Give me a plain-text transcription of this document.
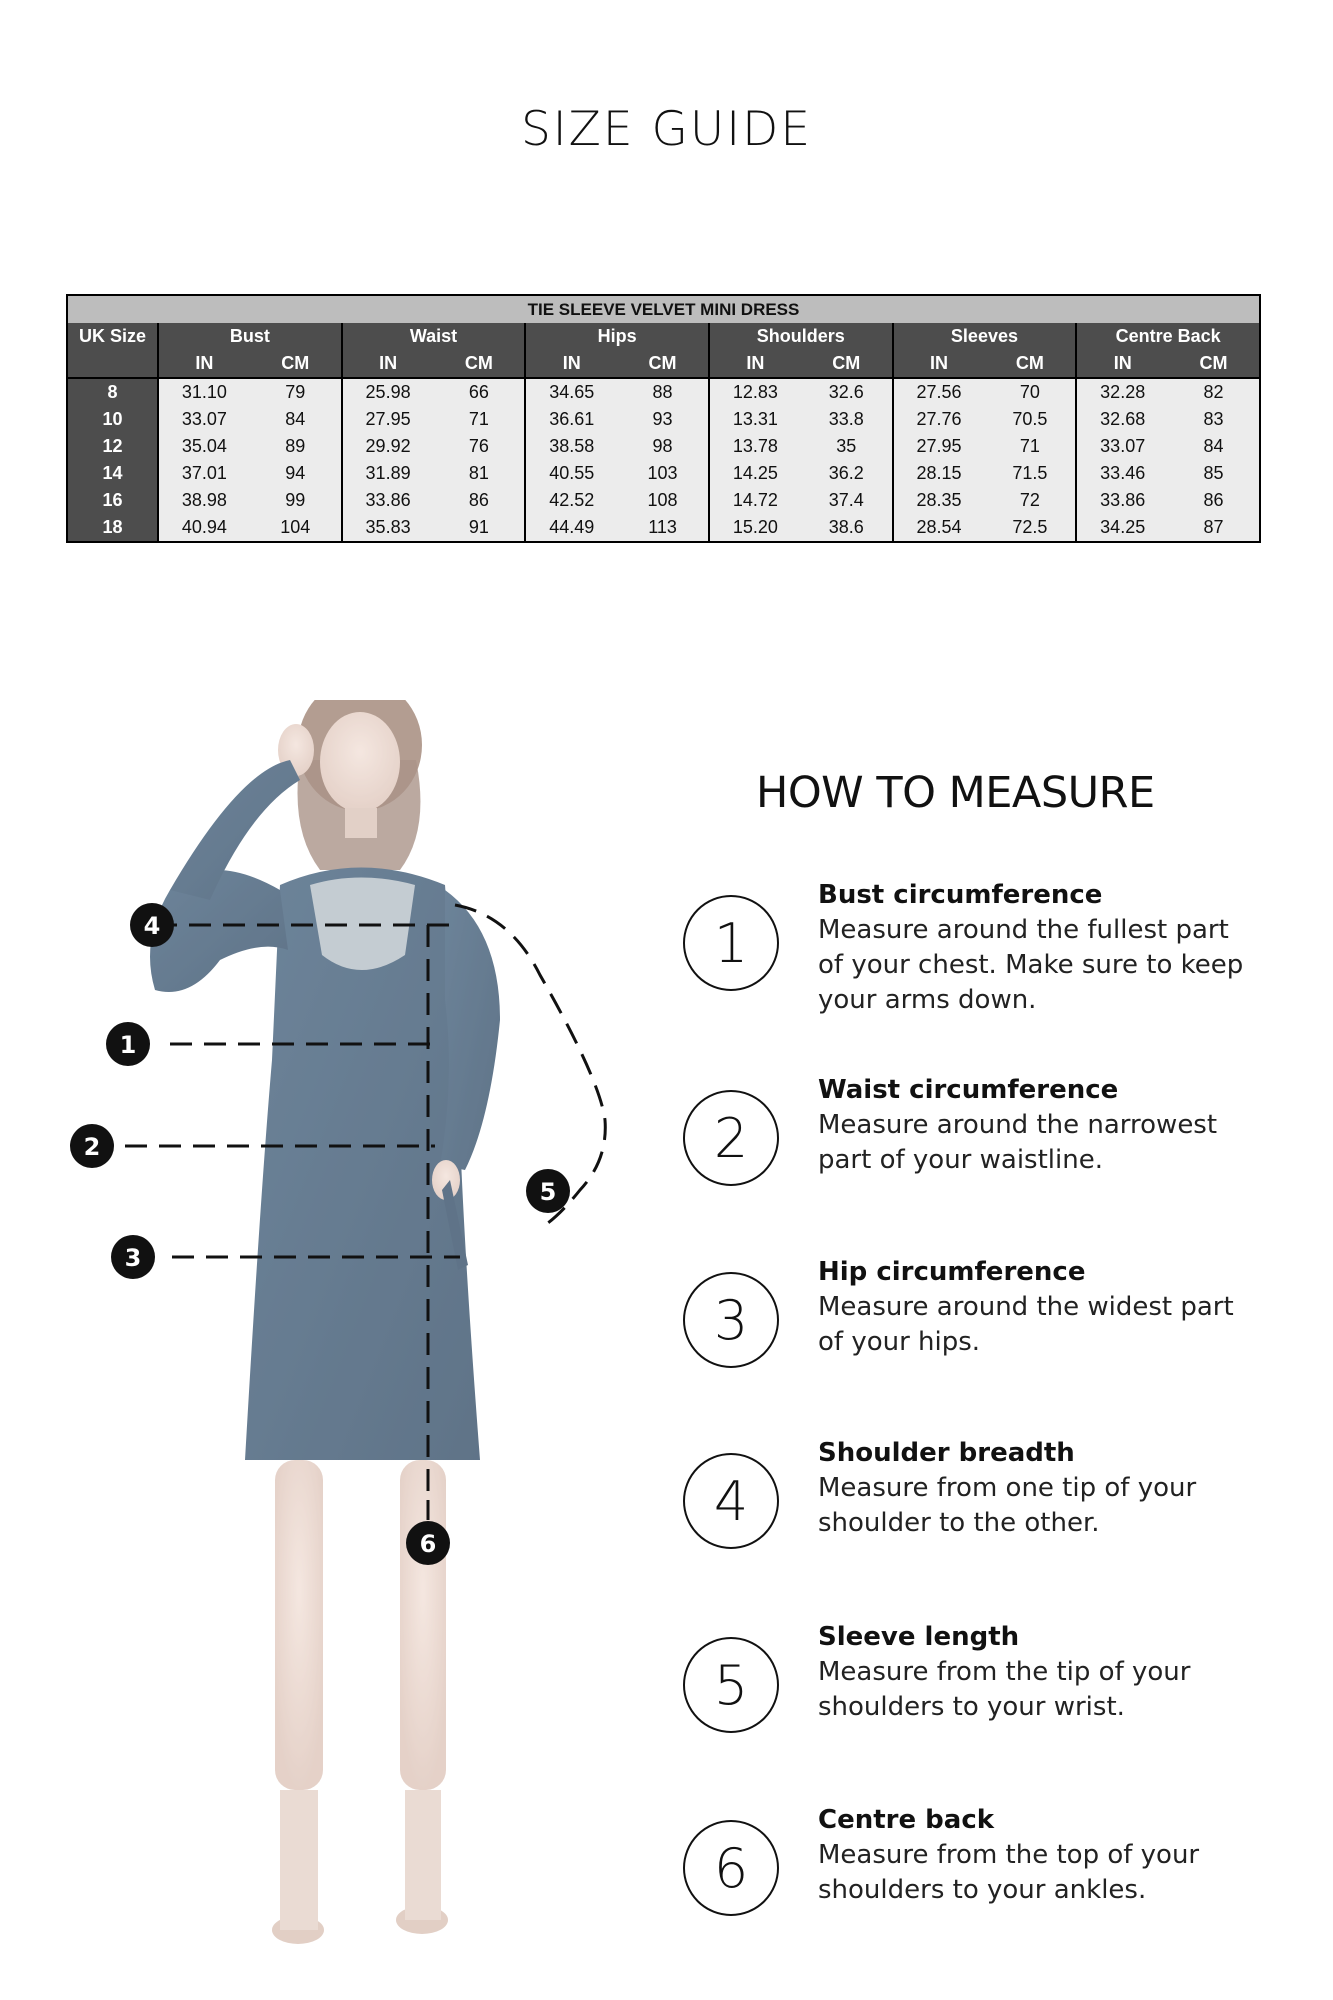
SIZE GUIDE
TIE SLEEVE VELVET MINI DRESS												
UK Size	Bust		Waist		Hips		Shoulders		Sleeves		Centre Back	
	IN	CM	IN	CM	IN	CM	IN	CM	IN	CM	IN	CM
8	31.10	79	25.98	66	34.65	88	12.83	32.6	27.56	70	32.28	82
10	33.07	84	27.95	71	36.61	93	13.31	33.8	27.76	70.5	32.68	83
12	35.04	89	29.92	76	38.58	98	13.78	35	27.95	71	33.07	84
14	37.01	94	31.89	81	40.55	103	14.25	36.2	28.15	71.5	33.46	85
16	38.98	99	33.86	86	42.52	108	14.72	37.4	28.35	72	33.86	86
18	40.94	104	35.83	91	44.49	113	15.20	38.6	28.54	72.5	34.25	87
4
1
2
3
5
6
HOW TO MEASURE
1
Bust circumference
Measure around the fullest part of your chest. Make sure to keep your arms down.
2
Waist circumference
Measure around the narrowest part of your waistline.
3
Hip circumference
Measure around the widest part of your hips.
4
Shoulder breadth
Measure from one tip of your shoulder to the other.
5
Sleeve length
Measure from the tip of your shoulders to your wrist.
6
Centre back
Measure from the top of your shoulders to your ankles.
